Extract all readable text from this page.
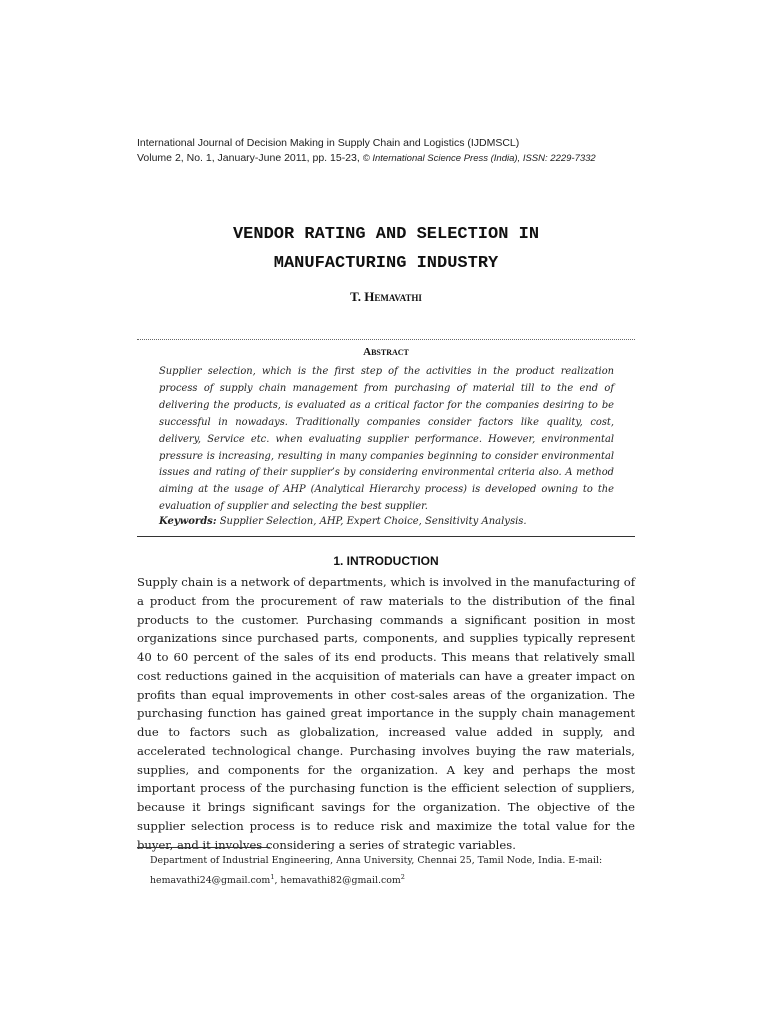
International Journal of Decision Making in Supply Chain and Logistics (IJDMSCL)
Volume 2, No. 1, January-June 2011, pp. 15-23, © International Science Press (India), ISSN: 2229-7332
VENDOR RATING AND SELECTION IN
MANUFACTURING INDUSTRY
T. Hemavathi
Abstract
Supplier selection, which is the first step of the activities in the product realization process of supply chain management from purchasing of material till to the end of delivering the products, is evaluated as a critical factor for the companies desiring to be successful in nowadays. Traditionally companies consider factors like quality, cost, delivery, Service etc. when evaluating supplier performance. However, environmental pressure is increasing, resulting in many companies beginning to consider environmental issues and rating of their supplier’s by considering environmental criteria also. A method aiming at the usage of AHP (Analytical Hierarchy process) is developed owning to the evaluation of supplier and selecting the best supplier.
Keywords: Supplier Selection, AHP, Expert Choice, Sensitivity Analysis.
1. INTRODUCTION
Supply chain is a network of departments, which is involved in the manufacturing of a product from the procurement of raw materials to the distribution of the final products to the customer. Purchasing commands a significant position in most organizations since purchased parts, components, and supplies typically represent 40 to 60 percent of the sales of its end products. This means that relatively small cost reductions gained in the acquisition of materials can have a greater impact on profits than equal improvements in other cost-sales areas of the organization. The purchasing function has gained great importance in the supply chain management due to factors such as globalization, increased value added in supply, and accelerated technological change. Purchasing involves buying the raw materials, supplies, and components for the organization. A key and perhaps the most important process of the purchasing function is the efficient selection of suppliers, because it brings significant savings for the organization. The objective of the supplier selection process is to reduce risk and maximize the total value for the buyer, and it involves considering a series of strategic variables.
Department of Industrial Engineering, Anna University, Chennai 25, Tamil Node, India. E-mail:
hemavathi24@gmail.com$^1$, hemavathi82@gmail.com$^2$
